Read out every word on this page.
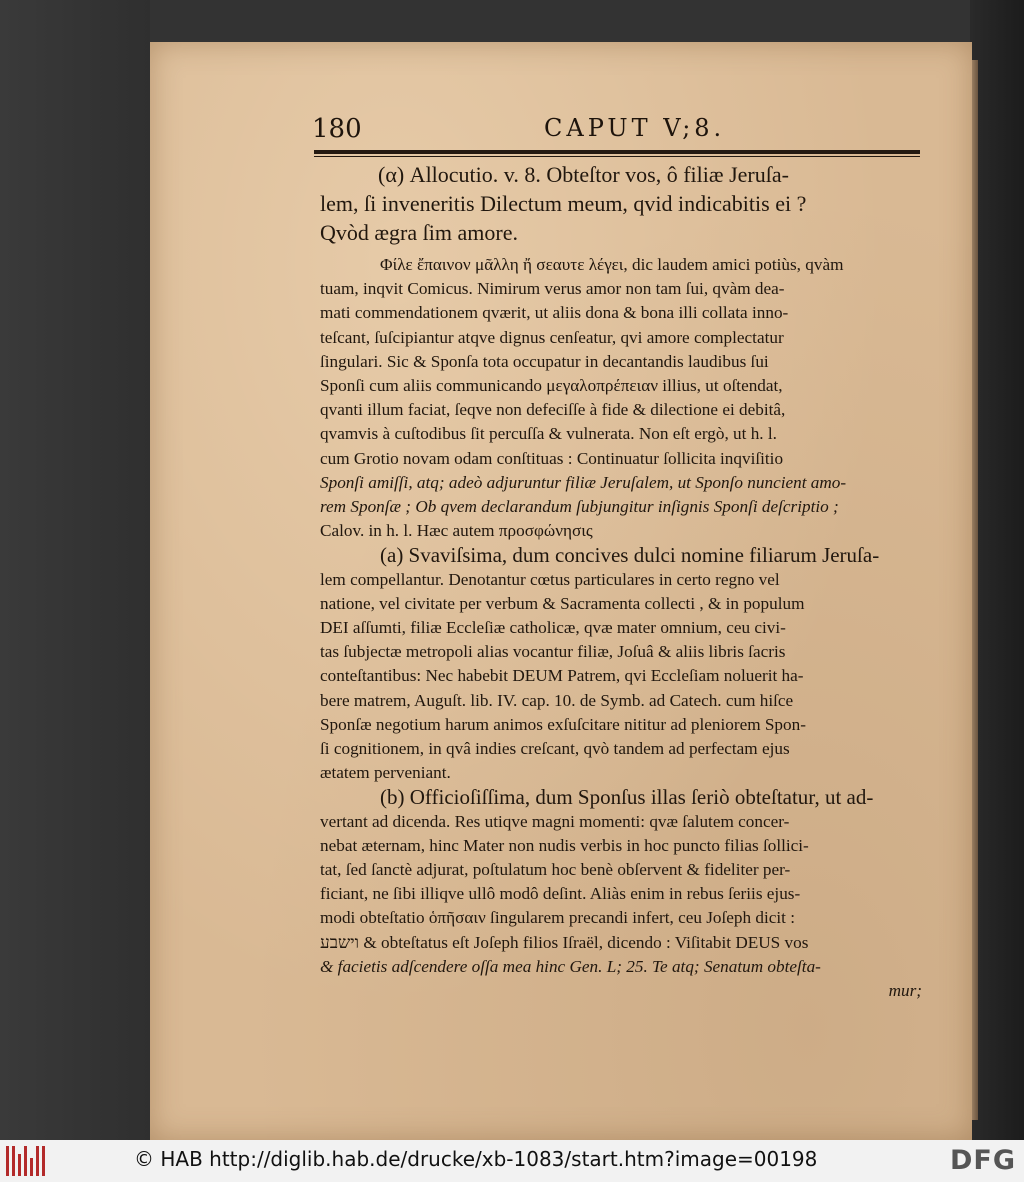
180	CAPUT V;8.
(α) Allocutio. v. 8. Obteſtor vos, ô filiæ Jeruſa-
lem, ſi inveneritis Dilectum meum, qvid indicabitis ei ?
Qvòd ægra ſim amore.
Φίλε ἔπαινον μᾶλλη ἤ σεαυτε λέγει, dic laudem amici potiùs, qvàm
tuam, inqvit Comicus. Nimirum verus amor non tam ſui, qvàm dea-
mati commendationem qværit, ut aliis dona & bona illi collata inno-
teſcant, ſuſcipiantur atqve dignus cenſeatur, qvi amore complectatur
ſingulari. Sic & Sponſa tota occupatur in decantandis laudibus ſui
Sponſi cum aliis communicando μεγαλοπρέπειαν illius, ut oſtendat,
qvanti illum faciat, ſeqve non defeciſſe à fide & dilectione ei debitâ,
qvamvis à cuſtodibus ſit percuſſa & vulnerata. Non eſt ergò, ut h. l.
cum Grotio novam odam conſtituas : Continuatur ſollicita inqviſitio
Sponſi amiſſi, atq; adeò adjuruntur filiæ Jeruſalem, ut Sponſo nuncient amo-
rem Sponſæ ; Ob qvem declarandum ſubjungitur inſignis Sponſi deſcriptio ;
Calov. in h. l. Hæc autem προσφώνησις
(a) Svaviſsima, dum concives dulci nomine filiarum Jeruſa-
lem compellantur. Denotantur cœtus particulares in certo regno vel
natione, vel civitate per verbum & Sacramenta collecti , & in populum
DEI aſſumti, filiæ Eccleſiæ catholicæ, qvæ mater omnium, ceu civi-
tas ſubjectæ metropoli alias vocantur filiæ, Joſuâ & aliis libris ſacris
conteſtantibus: Nec habebit DEUM Patrem, qvi Eccleſiam noluerit ha-
bere matrem, Auguſt. lib. IV. cap. 10. de Symb. ad Catech. cum hiſce
Sponſæ negotium harum animos exſuſcitare nititur ad pleniorem Spon-
ſi cognitionem, in qvâ indies creſcant, qvò tandem ad perfectam ejus
ætatem perveniant.
(b) Officioſiſſima, dum Sponſus illas ſeriò obteſtatur, ut ad-
vertant ad dicenda. Res utiqve magni momenti: qvæ ſalutem concer-
nebat æternam, hinc Mater non nudis verbis in hoc puncto filias ſollici-
tat, ſed ſanctè adjurat, poſtulatum hoc benè obſervent & fideliter per-
ficiant, ne ſibi illiqve ullô modô deſint. Aliàs enim in rebus ſeriis ejus-
modi obteſtatio ὁπῆσαιν ſingularem precandi infert, ceu Joſeph dicit :
וישבע & obteſtatus eſt Joſeph filios Iſraël, dicendo : Viſitabit DEUS vos
& facietis adſcendere oſſa mea hinc Gen. L; 25. Te atq; Senatum obteſta-
mur;
© HAB http://diglib.hab.de/drucke/xb-1083/start.htm?image=00198	DFG
